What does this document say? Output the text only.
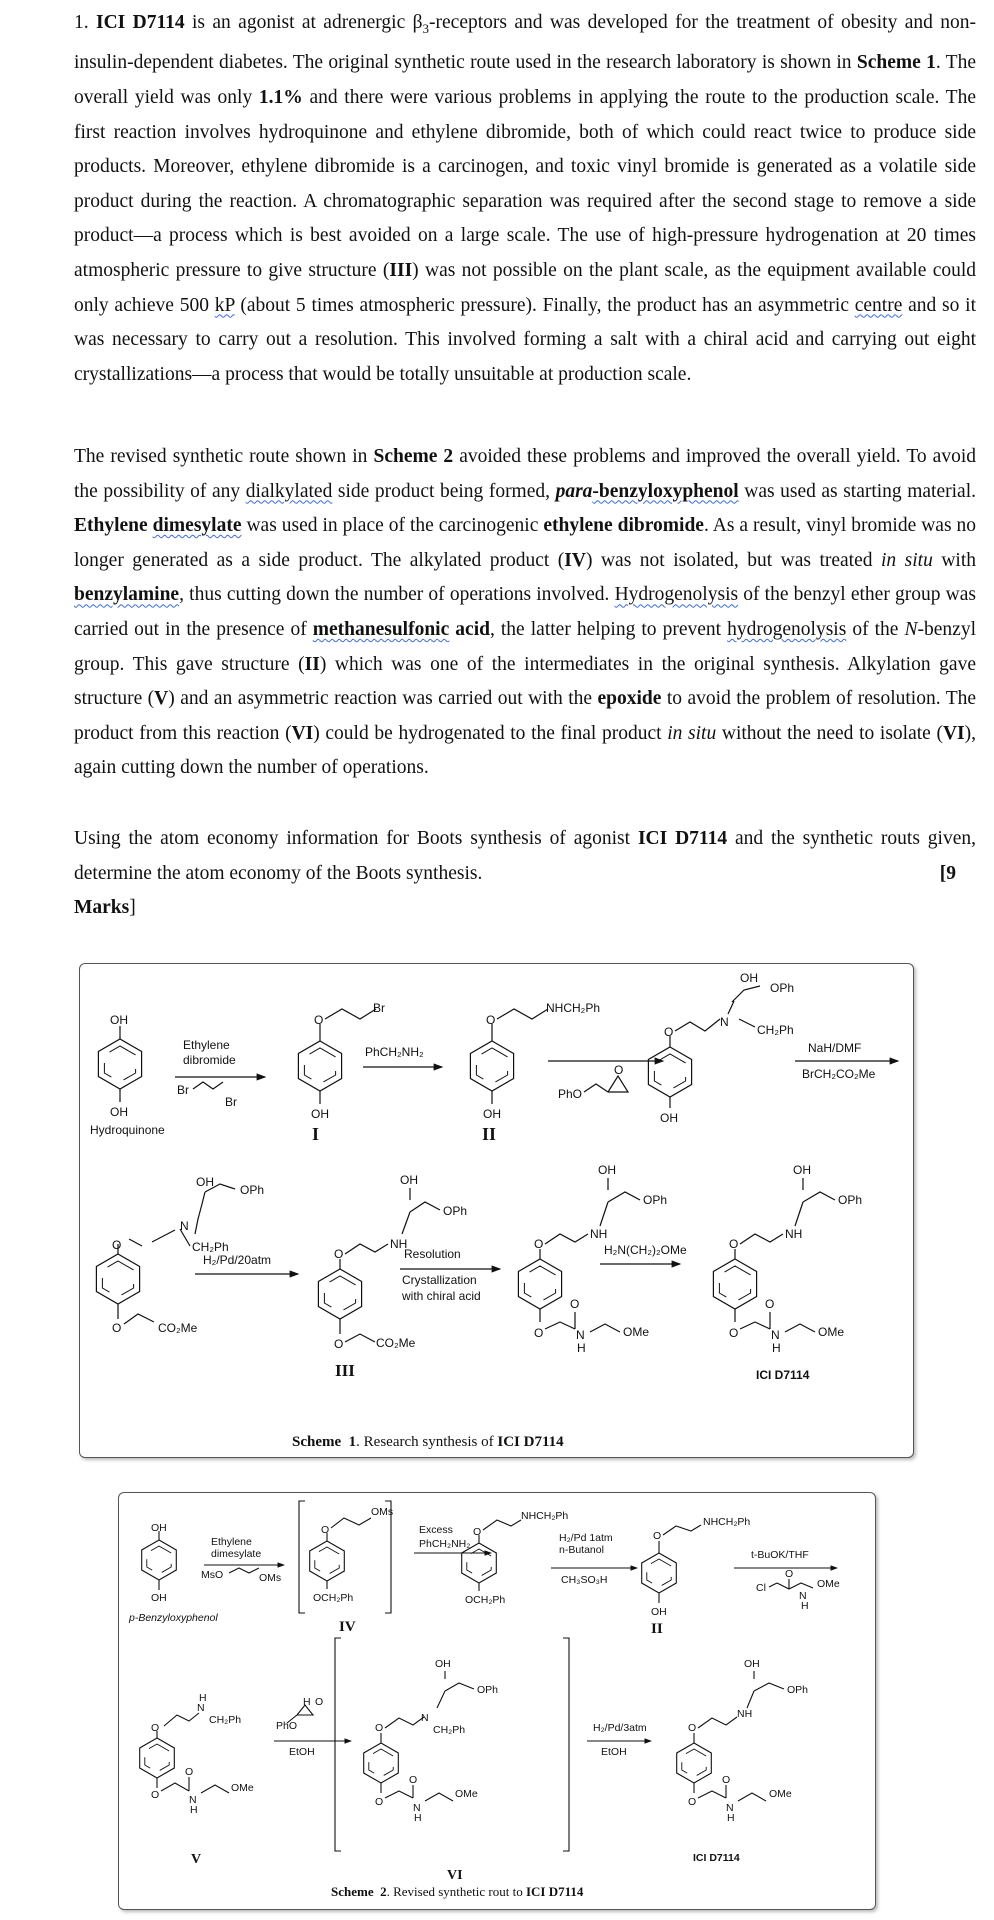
1. ICI D7114 is an agonist at adrenergic $\beta_3$-receptors and was developed for the treatment of obesity and non-insulin-dependent diabetes. The original synthetic route used in the research laboratory is shown in Scheme 1. The overall yield was only 1.1% and there were various problems in applying the route to the production scale. The first reaction involves hydroquinone and ethylene dibromide, both of which could react twice to produce side products. Moreover, ethylene dibromide is a carcinogen, and toxic vinyl bromide is generated as a volatile side product during the reaction. A chromatographic separation was required after the second stage to remove a side product—a process which is best avoided on a large scale. The use of high-pressure hydrogenation at 20 times atmospheric pressure to give structure (III) was not possible on the plant scale, as the equipment available could only achieve 500 kP (about 5 times atmospheric pressure). Finally, the product has an asymmetric centre and so it was necessary to carry out a resolution. This involved forming a salt with a chiral acid and carrying out eight crystallizations—a process that would be totally unsuitable at production scale.
The revised synthetic route shown in Scheme 2 avoided these problems and improved the overall yield. To avoid the possibility of any dialkylated side product being formed, para-benzyloxyphenol was used as starting material. Ethylene dimesylate was used in place of the carcinogenic ethylene dibromide. As a result, vinyl bromide was no longer generated as a side product. The alkylated product (IV) was not isolated, but was treated in situ with benzylamine, thus cutting down the number of operations involved. Hydrogenolysis of the benzyl ether group was carried out in the presence of methanesulfonic acid, the latter helping to prevent hydrogenolysis of the N-benzyl group. This gave structure (II) which was one of the intermediates in the original synthesis. Alkylation gave structure (V) and an asymmetric reaction was carried out with the epoxide to avoid the problem of resolution. The product from this reaction (VI) could be hydrogenated to the final product in situ without the need to isolate (VI), again cutting down the number of operations.
Using the atom economy information for Boots synthesis of agonist ICI D7114 and the synthetic routs given, determine the atom economy of the Boots synthesis.	[9

Marks]
OH
OH
Hydroquinone
Ethylene
dibromide
Br
Br
O
Br
OH
I
PhCH₂NH₂
O
NHCH₂Ph
OH
II
PhO
O
O
N
OH
OPh
CH₂Ph
OH
NaH/DMF
BrCH₂CO₂Me
OH
OPh
N
CH₂Ph
O
O	CO₂Me
H₂/Pd/20atm	O
NH
OH
OPh
O	CO₂Me
III
Resolution
Crystallization
with chiral acid
O
NH
OH
OPh
O
O
N
H
OMe
H₂N(CH₂)₂OMe	O
NH
OH
OPh
O
O
N
H
OMe
ICI D7114
Scheme 1. Research synthesis of ICI D7114
OH
OH
p-Benzyloxyphenol
Ethylene
dimesylate
MsO	OMs
O
OMs
OCH₂Ph
IV
Excess
PhCH₂NH₂
O
NHCH₂Ph
OCH₂Ph
H₂/Pd 1atm
n-Butanol
CH₃SO₃H
O
NHCH₂Ph
OH
II
t-BuOK/THF
Cl
O
N
H
OMe
O
N
H
CH₂Ph
O
O
N
H
OMe
V
PhO
H O
EtOH
O
N
CH₂Ph
OH
OPh
O
O
N
H
OMe
VI
H₂/Pd/3atm
EtOH
O
NH
OH
OPh
O
O
N
H
OMe
ICI D7114
Scheme 2. Revised synthetic rout to ICI D7114
